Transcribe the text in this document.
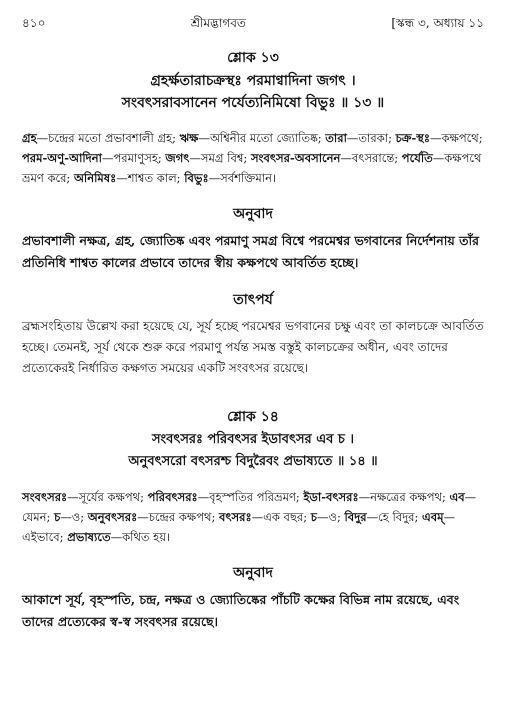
৪১০	শ্রীমদ্ভাগবত	[স্কন্ধ ৩, অধ্যায় ১১
শ্লোক ১৩
গ্রহর্ক্ষতারাচক্রস্থঃ পরমাণ্বাদিনা জগৎ ।
সংবৎসরাবসানেন পর্যেত্যনিমিষো বিভুঃ ॥ ১৩ ॥
গ্রহ—চন্দ্রের মতো প্রভাবশালী গ্রহ; ঋক্ষ—অশ্বিনীর মতো জ্যোতিষ্ক; তারা—তারকা; চক্র-স্থঃ—কক্ষপথে; পরম-অণু-আদিনা—পরমাণুসহ; জগৎ—সমগ্র বিশ্ব; সংবৎসর-অবসানেন—বৎসরান্তে; পর্যেতি—কক্ষপথে ভ্রমণ করে; অনিমিষঃ—শাশ্বত কাল; বিভুঃ—সর্বশক্তিমান।
অনুবাদ
প্রভাবশালী নক্ষত্র, গ্রহ, জ্যোতিষ্ক এবং পরমাণু সমগ্র বিশ্বে পরমেশ্বর ভগবানের নির্দেশনায় তাঁর প্রতিনিধি শাশ্বত কালের প্রভাবে তাদের স্বীয় কক্ষপথে আবর্তিত হচ্ছে।
তাৎপর্য
ব্রহ্মসংহিতায় উল্লেখ করা হয়েছে যে, সূর্য হচ্ছে পরমেশ্বর ভগবানের চক্ষু এবং তা কালচক্রে আবর্তিত হচ্ছে। তেমনই, সূর্য থেকে শুরু করে পরমাণু পর্যন্ত সমস্ত বস্তুই কালচক্রের অধীন, এবং তাদের প্রত্যেকেরই নির্ধারিত কক্ষগত সময়ের একটি সংবৎসর রয়েছে।
শ্লোক ১৪
সংবৎসরঃ পরিবৎসর ইডাবৎসর এব চ ।
অনুবৎসরো বৎসরশ্চ বিদুরৈবং প্রভাষ্যতে ॥ ১৪ ॥
সংবৎসরঃ—সূর্যের কক্ষপথ; পরিবৎসরঃ—বৃহস্পতির পরিভ্রমণ; ইডা-বৎসরঃ—নক্ষত্রের কক্ষপথ; এব—যেমন; চ—ও; অনুবৎসরঃ—চন্দ্রের কক্ষপথ; বৎসরঃ—এক বছর; চ—ও; বিদুর—হে বিদুর; এবম্—এইভাবে; প্রভাষ্যতে—কথিত হয়।
অনুবাদ
আকাশে সূর্য, বৃহস্পতি, চন্দ্র, নক্ষত্র ও জ্যোতিষ্কের পাঁচটি কক্ষের বিভিন্ন নাম রয়েছে, এবং তাদের প্রত্যেকের স্ব-স্ব সংবৎসর রয়েছে।
